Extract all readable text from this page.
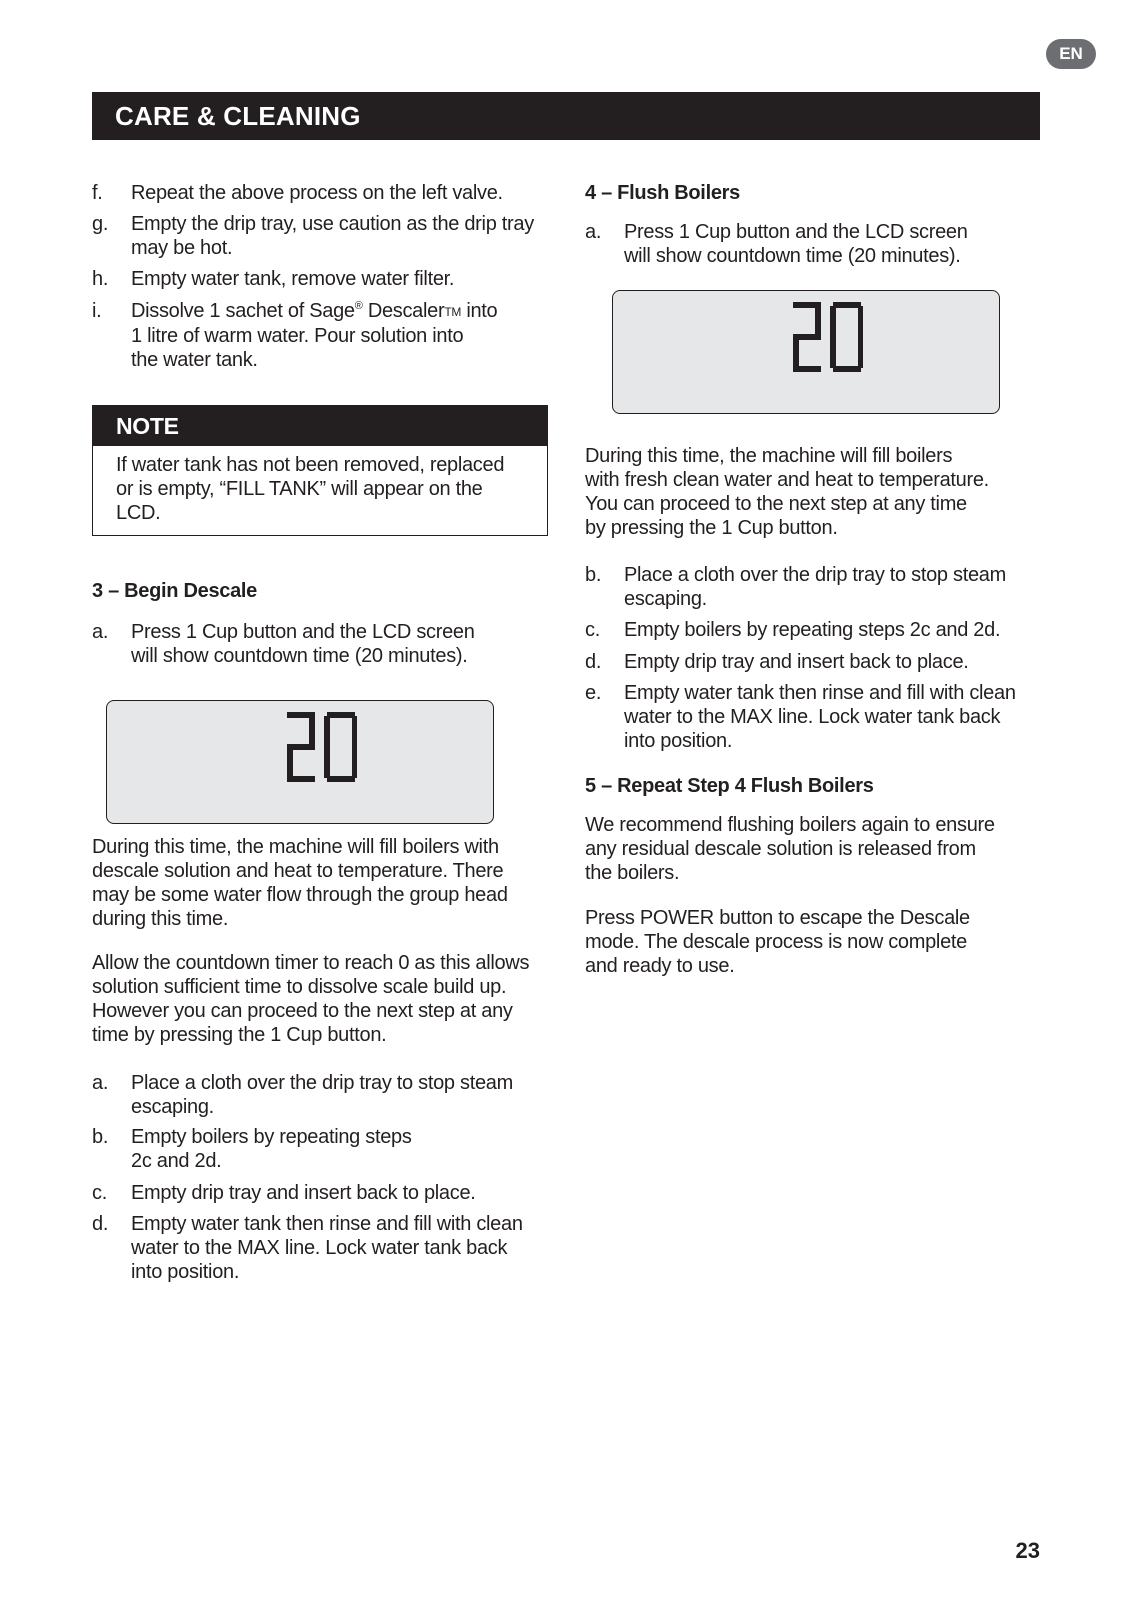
EN
CARE & CLEANING
f. Repeat the above process on the left valve.
g. Empty the drip tray, use caution as the drip tray
may be hot.
h. Empty water tank, remove water filter.
i. Dissolve 1 sachet of Sage® DescalerTM into
1 litre of warm water. Pour solution into
the water tank.
NOTE
If water tank has not been removed, replaced
or is empty, “FILL TANK” will appear on the
LCD.
3 – Begin Descale
a. Press 1 Cup button and the LCD screen
will show countdown time (20 minutes).
20
During this time, the machine will fill boilers with
descale solution and heat to temperature. There
may be some water flow through the group head
during this time.
Allow the countdown timer to reach 0 as this allows
solution sufficient time to dissolve scale build up.
However you can proceed to the next step at any
time by pressing the 1 Cup button.
a. Place a cloth over the drip tray to stop steam
escaping.
b. Empty boilers by repeating steps
2c and 2d.
c. Empty drip tray and insert back to place.
d. Empty water tank then rinse and fill with clean
water to the MAX line. Lock water tank back
into position.
4 – Flush Boilers
a. Press 1 Cup button and the LCD screen
will show countdown time (20 minutes).
20
During this time, the machine will fill boilers
with fresh clean water and heat to temperature.
You can proceed to the next step at any time
by pressing the 1 Cup button.
b. Place a cloth over the drip tray to stop steam
escaping.
c. Empty boilers by repeating steps 2c and 2d.
d. Empty drip tray and insert back to place.
e. Empty water tank then rinse and fill with clean
water to the MAX line. Lock water tank back
into position.
5 – Repeat Step 4 Flush Boilers
We recommend flushing boilers again to ensure
any residual descale solution is released from
the boilers.
Press POWER button to escape the Descale
mode. The descale process is now complete
and ready to use.
23
